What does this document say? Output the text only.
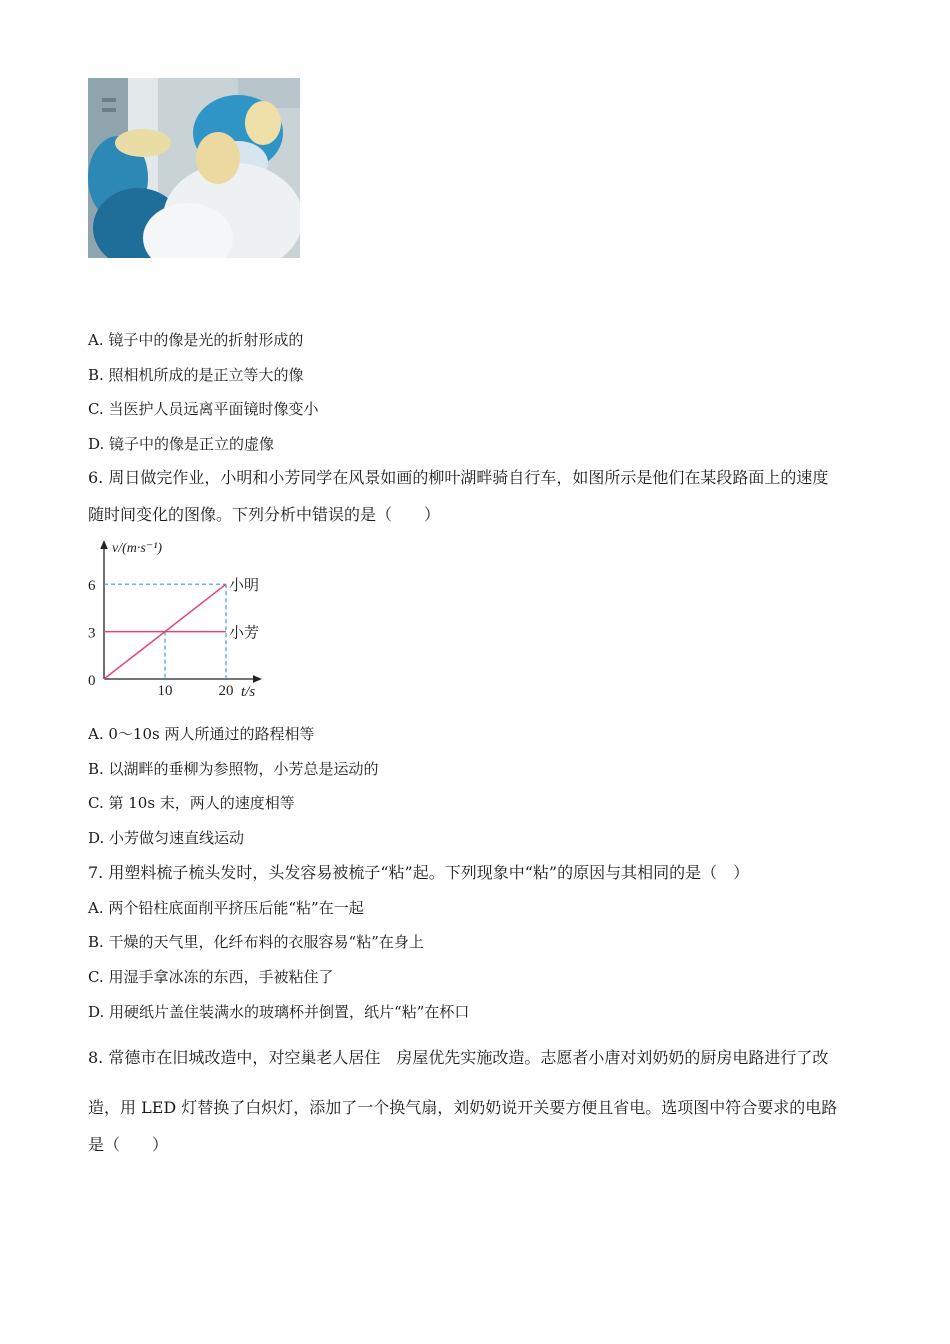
A. 镜子中的像是光的折射形成的
B. 照相机所成的是正立等大的像
C. 当医护人员远离平面镜时像变小
D. 镜子中的像是正立的虚像
6. 周日做完作业，小明和小芳同学在风景如画的柳叶湖畔骑自行车，如图所示是他们在某段路面上的速度
随时间变化的图像。下列分析中错误的是（　　）
小明
小芳
0
3
6
10	20
v/(m·s⁻¹)
t/s
A. 0～10s 两人所通过的路程相等
B. 以湖畔的垂柳为参照物，小芳总是运动的
C. 第 10s 末，两人的速度相等
D. 小芳做匀速直线运动
7. 用塑料梳子梳头发时，头发容易被梳子“粘”起。下列现象中“粘”的原因与其相同的是（　）
A. 两个铅柱底面削平挤压后能“粘”在一起
B. 干燥的天气里，化纤布料的衣服容易“粘”在身上
C. 用湿手拿冰冻的东西，手被粘住了
D. 用硬纸片盖住装满水的玻璃杯并倒置，纸片“粘”在杯口
8. 常德市在旧城改造中，对空巢老人居住　房屋优先实施改造。志愿者小唐对刘奶奶的厨房电路进行了改
造，用 LED 灯替换了白炽灯，添加了一个换气扇，刘奶奶说开关要方便且省电。选项图中符合要求的电路
是（　　）
